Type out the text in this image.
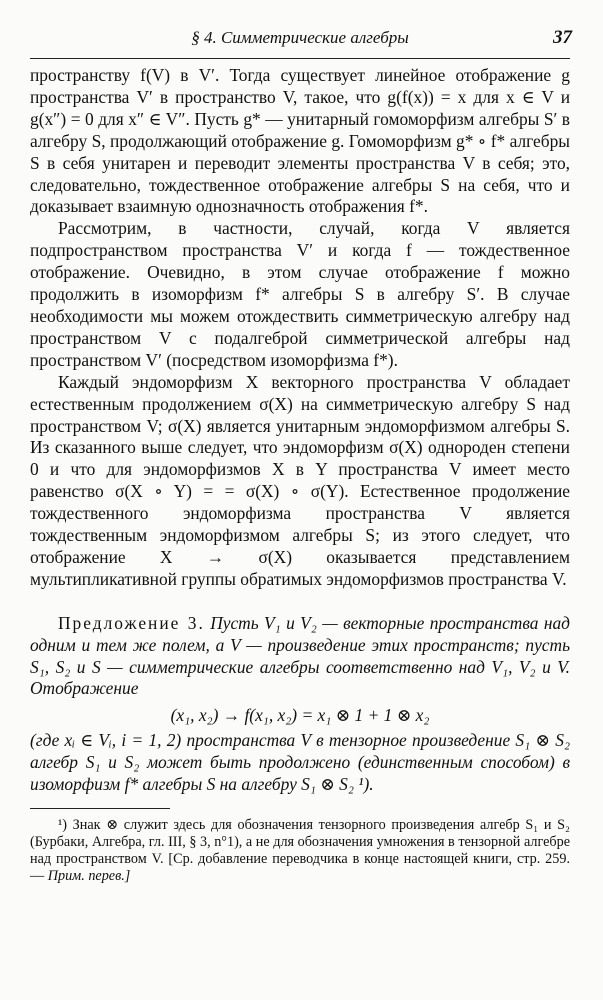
§ 4. Симметрические алгебры	37

пространству f(V) в V′. Тогда существует линейное отображение g пространства V′ в пространство V, такое, что g(f(x)) = x для x ∈ V и g(x″) = 0 для x″ ∈ V″. Пусть g* — унитарный гомоморфизм алгебры S′ в алгебру S, продолжающий отображение g. Гомоморфизм g* ∘ f* алгебры S в себя унитарен и переводит элементы пространства V в себя; это, следовательно, тождественное отображение алгебры S на себя, что и доказывает взаимную однозначность отображения f*.

Рассмотрим, в частности, случай, когда V является подпространством пространства V′ и когда f — тождественное отображение. Очевидно, в этом случае отображение f можно продолжить в изоморфизм f* алгебры S в алгебру S′. В случае необходимости мы можем отождествить симметрическую алгебру над пространством V с подалгеброй симметрической алгебры над пространством V′ (посредством изоморфизма f*).

Каждый эндоморфизм X векторного пространства V обладает естественным продолжением σ(X) на симметрическую алгебру S над пространством V; σ(X) является унитарным эндоморфизмом алгебры S. Из сказанного выше следует, что эндоморфизм σ(X) однороден степени 0 и что для эндоморфизмов X в Y пространства V имеет место равенство σ(X ∘ Y) = = σ(X) ∘ σ(Y). Естественное продолжение тождественного эндоморфизма пространства V является тождественным эндоморфизмом алгебры S; из этого следует, что отображение X → σ(X) оказывается представлением мультипликативной группы обратимых эндоморфизмов пространства V.

Предложение 3. Пусть V₁ и V₂ — векторные пространства над одним и тем же полем, а V — произведение этих пространств; пусть S₁, S₂ и S — симметрические алгебры соответственно над V₁, V₂ и V. Отображение

(x₁, x₂) → f(x₁, x₂) = x₁ ⊗ 1 + 1 ⊗ x₂

(где xᵢ ∈ Vᵢ, i = 1, 2) пространства V в тензорное произведение S₁ ⊗ S₂ алгебр S₁ и S₂ может быть продолжено (единственным способом) в изоморфизм f* алгебры S на алгебру S₁ ⊗ S₂ ¹).

¹) Знак ⊗ служит здесь для обозначения тензорного произведения алгебр S₁ и S₂ (Бурбаки, Алгебра, гл. III, § 3, n°1), а не для обозначения умножения в тензорной алгебре над пространством V. [Ср. добавление переводчика в конце настоящей книги, стр. 259. — Прим. перев.]
